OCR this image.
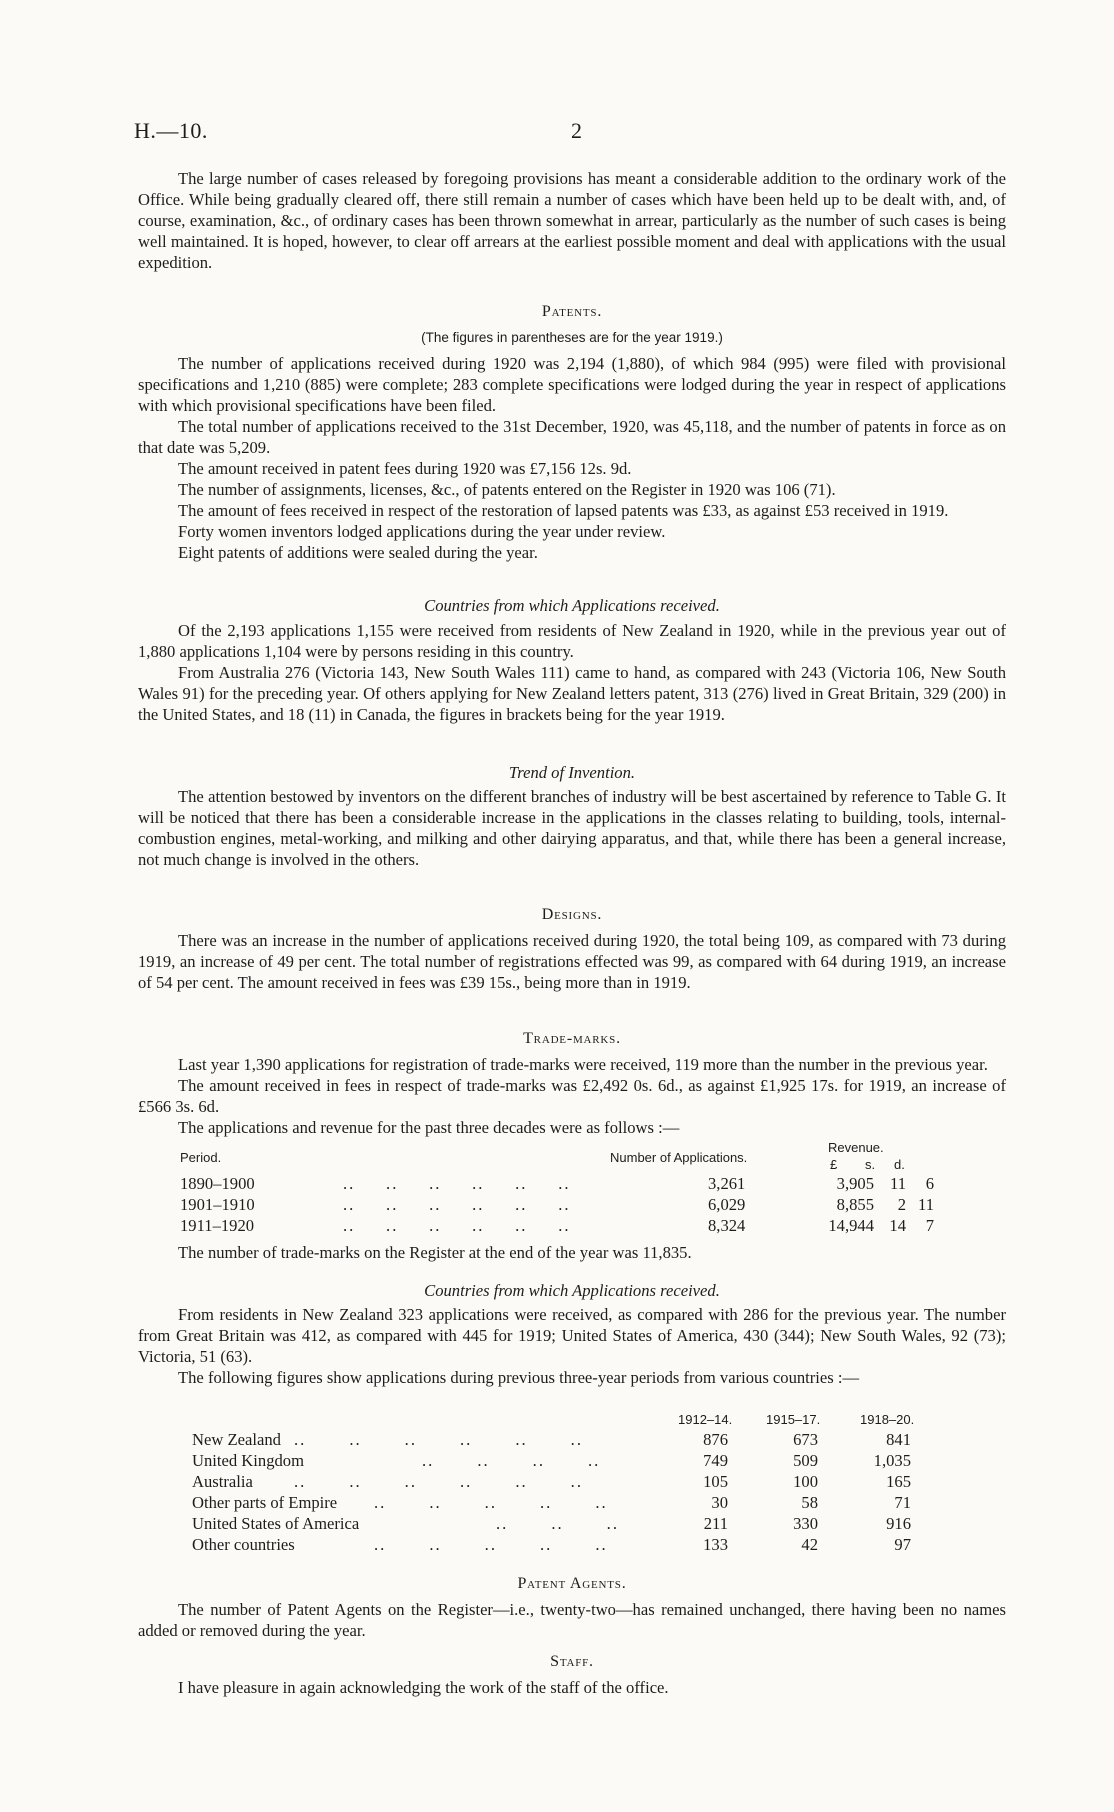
H.—10.	2

The large number of cases released by foregoing provisions has meant a considerable addition to the ordinary work of the Office. While being gradually cleared off, there still remain a number of cases which have been held up to be dealt with, and, of course, examination, &c., of ordinary cases has been thrown somewhat in arrear, particularly as the number of such cases is being well maintained. It is hoped, however, to clear off arrears at the earliest possible moment and deal with applications with the usual expedition.

Patents.
(The figures in parentheses are for the year 1919.)

The number of applications received during 1920 was 2,194 (1,880), of which 984 (995) were filed with provisional specifications and 1,210 (885) were complete; 283 complete specifications were lodged during the year in respect of applications with which provisional specifications have been filed.

The total number of applications received to the 31st December, 1920, was 45,118, and the number of patents in force as on that date was 5,209.

The amount received in patent fees during 1920 was £7,156 12s. 9d.

The number of assignments, licenses, &c., of patents entered on the Register in 1920 was 106 (71).

The amount of fees received in respect of the restoration of lapsed patents was £33, as against £53 received in 1919.

Forty women inventors lodged applications during the year under review.

Eight patents of additions were sealed during the year.

Countries from which Applications received.

Of the 2,193 applications 1,155 were received from residents of New Zealand in 1920, while in the previous year out of 1,880 applications 1,104 were by persons residing in this country.

From Australia 276 (Victoria 143, New South Wales 111) came to hand, as compared with 243 (Victoria 106, New South Wales 91) for the preceding year. Of others applying for New Zealand letters patent, 313 (276) lived in Great Britain, 329 (200) in the United States, and 18 (11) in Canada, the figures in brackets being for the year 1919.

Trend of Invention.

The attention bestowed by inventors on the different branches of industry will be best ascertained by reference to Table G. It will be noticed that there has been a considerable increase in the applications in the classes relating to building, tools, internal-combustion engines, metal-working, and milking and other dairying apparatus, and that, while there has been a general increase, not much change is involved in the others.

Designs.

There was an increase in the number of applications received during 1920, the total being 109, as compared with 73 during 1919, an increase of 49 per cent. The total number of registrations effected was 99, as compared with 64 during 1919, an increase of 54 per cent. The amount received in fees was £39 15s., being more than in 1919.

Trade-marks.

Last year 1,390 applications for registration of trade-marks were received, 119 more than the number in the previous year.

The amount received in fees in respect of trade-marks was £2,492 0s. 6d., as against £1,925 17s. for 1919, an increase of £566 3s. 6d.

The applications and revenue for the past three decades were as follows :—

Period.	Number of Applications.
Revenue.
£ s. d.
1890–1900	..     ..     ..     ..     ..     ..	3,261	3,905 11 6
1901–1910	..     ..     ..     ..     ..     ..	6,029	8,855 2 11
1911–1920	..     ..     ..     ..     ..     ..	8,324	14,944 14 7

The number of trade-marks on the Register at the end of the year was 11,835.

Countries from which Applications received.

From residents in New Zealand 323 applications were received, as compared with 286 for the previous year. The number from Great Britain was 412, as compared with 445 for 1919; United States of America, 430 (344); New South Wales, 92 (73); Victoria, 51 (63).

The following figures show applications during previous three-year periods from various countries :—

1912–14.	1915–17.	1918–20.
New Zealand ..       ..       ..       ..       ..       ..	876	673	841
United Kingdom	..       ..       ..       ..	749	509	1,035
Australia ..       ..       ..       ..       ..       ..	105	100	165
Other parts of Empire ..       ..       ..       ..       ..	30	58	71
United States of America	..       ..       ..	211	330	916
Other countries	..       ..       ..       ..       ..	133	42	97
Patent Agents.

The number of Patent Agents on the Register—i.e., twenty-two—has remained unchanged, there having been no names added or removed during the year.

Staff.

I have pleasure in again acknowledging the work of the staff of the office.
